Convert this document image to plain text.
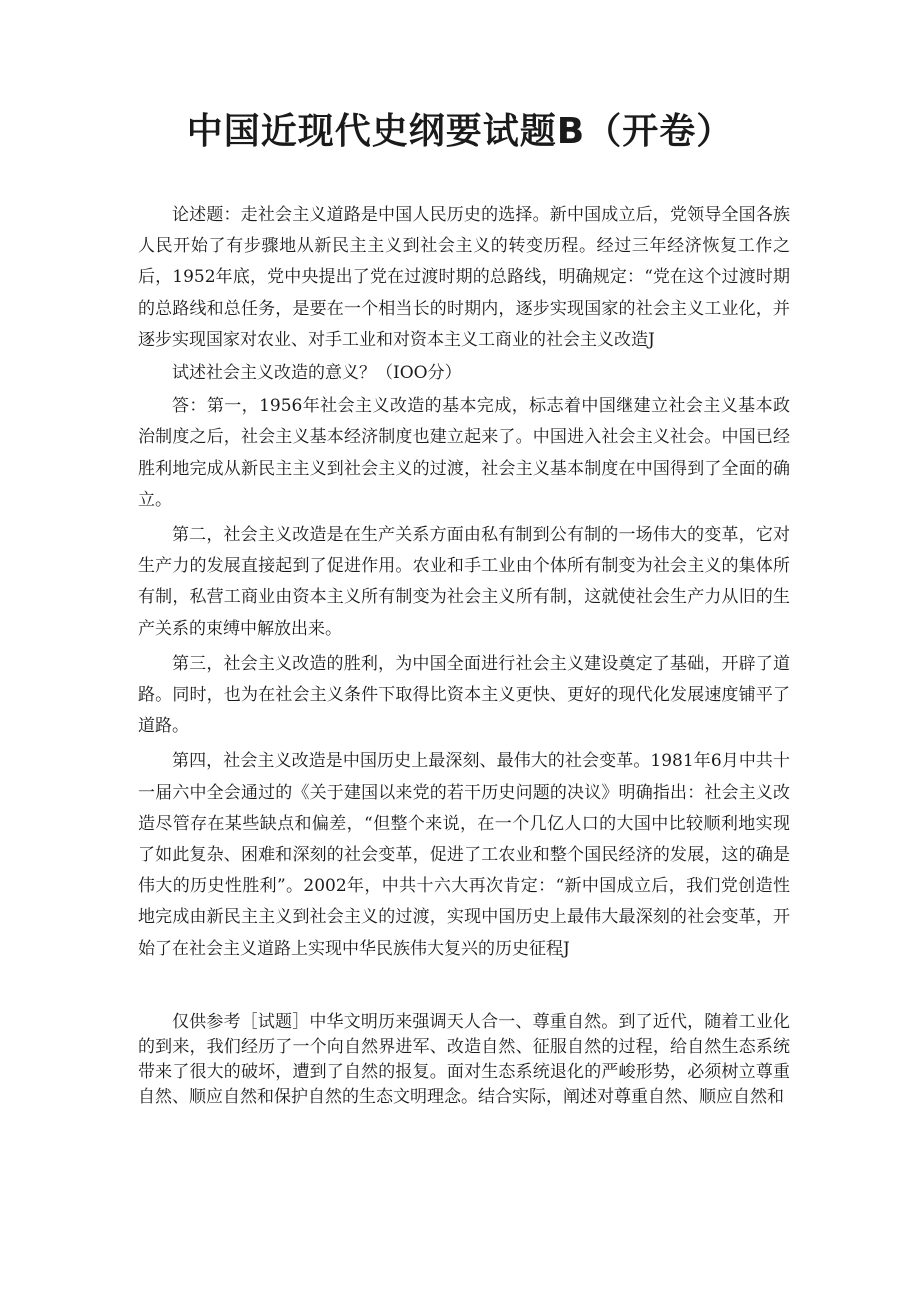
中国近现代史纲要试题B（开卷）

论述题：走社会主义道路是中国人民历史的选择。新中国成立后，党领导全国各族人民开始了有步骤地从新民主主义到社会主义的转变历程。经过三年经济恢复工作之后，1952年底，党中央提出了党在过渡时期的总路线，明确规定：“党在这个过渡时期的总路线和总任务，是要在一个相当长的时期内，逐步实现国家的社会主义工业化，并逐步实现国家对农业、对手工业和对资本主义工商业的社会主义改造J

试述社会主义改造的意义？（IOO分）

答：第一，1956年社会主义改造的基本完成，标志着中国继建立社会主义基本政治制度之后，社会主义基本经济制度也建立起来了。中国进入社会主义社会。中国已经胜利地完成从新民主主义到社会主义的过渡，社会主义基本制度在中国得到了全面的确立。

第二，社会主义改造是在生产关系方面由私有制到公有制的一场伟大的变革，它对生产力的发展直接起到了促进作用。农业和手工业由个体所有制变为社会主义的集体所有制，私营工商业由资本主义所有制变为社会主义所有制，这就使社会生产力从旧的生产关系的束缚中解放出来。

第三，社会主义改造的胜利，为中国全面进行社会主义建设奠定了基础，开辟了道路。同时，也为在社会主义条件下取得比资本主义更快、更好的现代化发展速度铺平了道路。

第四，社会主义改造是中国历史上最深刻、最伟大的社会变革。1981年6月中共十一届六中全会通过的《关于建国以来党的若干历史问题的决议》明确指出：社会主义改造尽管存在某些缺点和偏差，“但整个来说，在一个几亿人口的大国中比较顺利地实现了如此复杂、困难和深刻的社会变革，促进了工农业和整个国民经济的发展，这的确是伟大的历史性胜利”。2002年，中共十六大再次肯定：“新中国成立后，我们党创造性地完成由新民主主义到社会主义的过渡，实现中国历史上最伟大最深刻的社会变革，开始了在社会主义道路上实现中华民族伟大复兴的历史征程J

仅供参考［试题］中华文明历来强调天人合一、尊重自然。到了近代，随着工业化的到来，我们经历了一个向自然界进军、改造自然、征服自然的过程，给自然生态系统带来了很大的破坏，遭到了自然的报复。面对生态系统退化的严峻形势，必须树立尊重自然、顺应自然和保护自然的生态文明理念。结合实际，阐述对尊重自然、顺应自然和
